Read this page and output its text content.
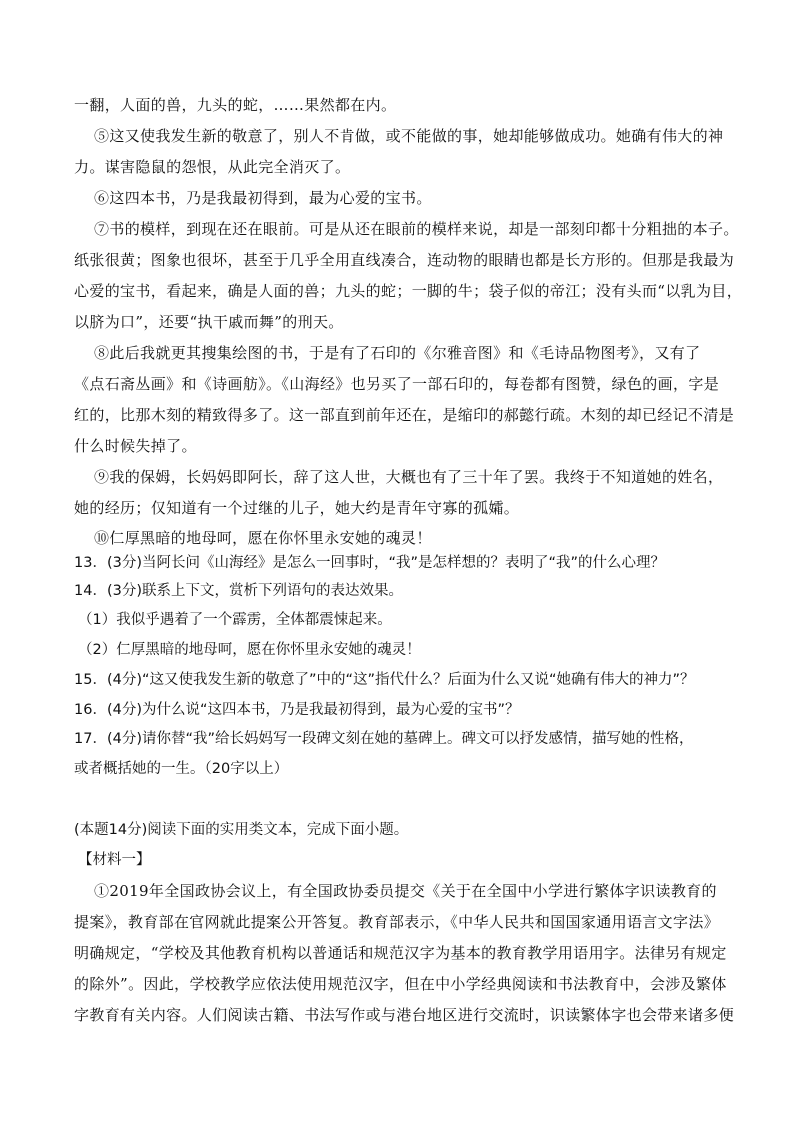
一翻，人面的兽，九头的蛇，……果然都在内。
⑤这又使我发生新的敬意了，别人不肯做，或不能做的事，她却能够做成功。她确有伟大的神
力。谋害隐鼠的怨恨，从此完全消灭了。
⑥这四本书，乃是我最初得到，最为心爱的宝书。
⑦书的模样，到现在还在眼前。可是从还在眼前的模样来说，却是一部刻印都十分粗拙的本子。
纸张很黄；图象也很坏，甚至于几乎全用直线凑合，连动物的眼睛也都是长方形的。但那是我最为
心爱的宝书，看起来，确是人面的兽；九头的蛇；一脚的牛；袋子似的帝江；没有头而“以乳为目，
以脐为口”，还要“执干戚而舞”的刑天。
⑧此后我就更其搜集绘图的书，于是有了石印的《尔雅音图》和《毛诗品物图考》，又有了
《点石斋丛画》和《诗画舫》。《山海经》也另买了一部石印的，每卷都有图赞，绿色的画，字是
红的，比那木刻的精致得多了。这一部直到前年还在，是缩印的郝懿行疏。木刻的却已经记不清是
什么时候失掉了。
⑨我的保姆，长妈妈即阿长，辞了这人世，大概也有了三十年了罢。我终于不知道她的姓名，
她的经历；仅知道有一个过继的儿子，她大约是青年守寡的孤孀。
⑩仁厚黑暗的地母呵，愿在你怀里永安她的魂灵！
13．(3分)当阿长问《山海经》是怎么一回事时，“我”是怎样想的？表明了“我”的什么心理？
14．(3分)联系上下文，赏析下列语句的表达效果。
（1）我似乎遇着了一个霹雳，全体都震悚起来。
（2）仁厚黑暗的地母呵，愿在你怀里永安她的魂灵！
15．(4分)“这又使我发生新的敬意了”中的“这”指代什么？后面为什么又说“她确有伟大的神力”？
16．(4分)为什么说“这四本书，乃是我最初得到，最为心爱的宝书”？
17．(4分)请你替“我”给长妈妈写一段碑文刻在她的墓碑上。碑文可以抒发感情，描写她的性格，
或者概括她的一生。（20字以上）
(本题14分)阅读下面的实用类文本，完成下面小题。
【材料一】
①2019年全国政协会议上，有全国政协委员提交《关于在全国中小学进行繁体字识读教育的
提案》，教育部在官网就此提案公开答复。教育部表示，《中华人民共和国国家通用语言文字法》
明确规定，“学校及其他教育机构以普通话和规范汉字为基本的教育教学用语用字。法律另有规定
的除外”。因此，学校教学应依法使用规范汉字，但在中小学经典阅读和书法教育中，会涉及繁体
字教育有关内容。人们阅读古籍、书法写作或与港台地区进行交流时，识读繁体字也会带来诸多便
